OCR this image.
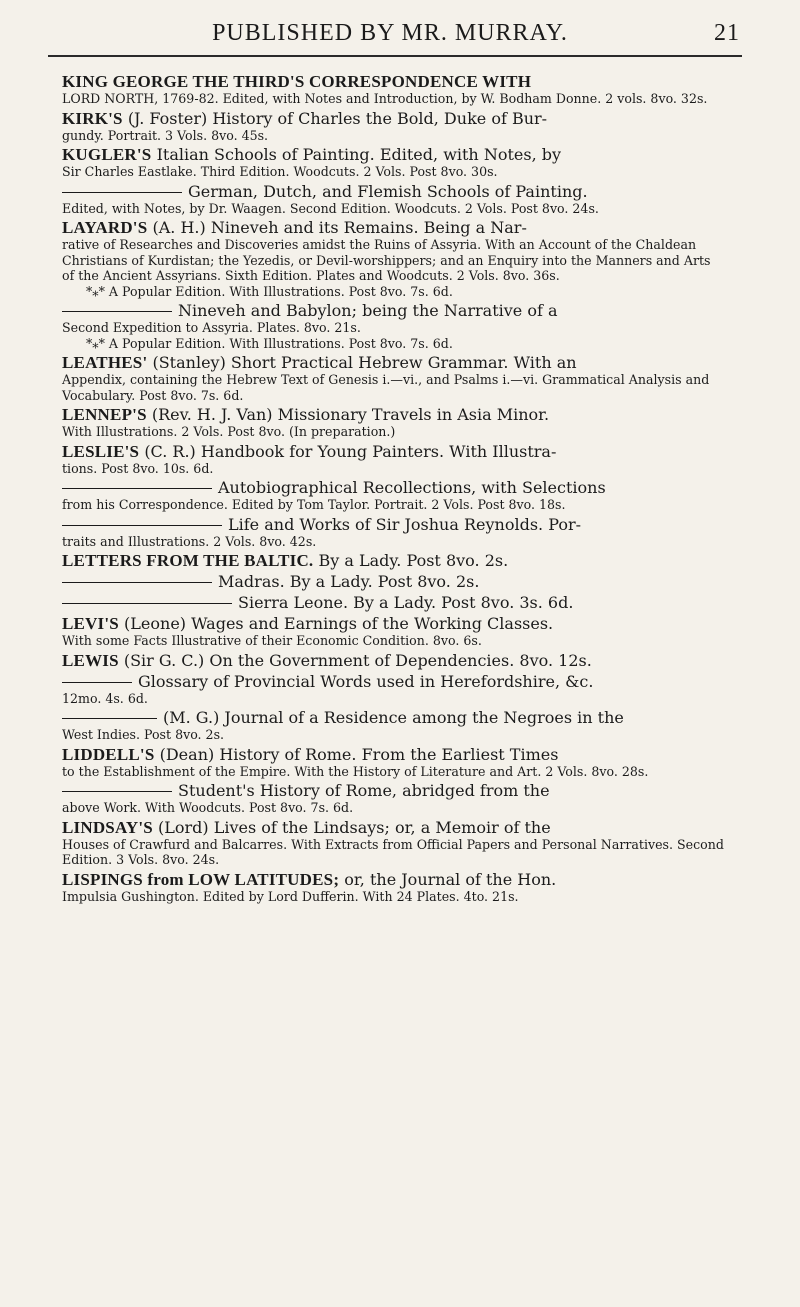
PUBLISHED BY MR. MURRAY.	21
KING GEORGE THE THIRD'S CORRESPONDENCE WITH
LORD NORTH, 1769-82. Edited, with Notes and Introduction, by W. Bodham Donne. 2 vols. 8vo. 32s.
KIRK'S (J. Foster) History of Charles the Bold, Duke of Bur-
gundy. Portrait. 3 Vols. 8vo. 45s.
KUGLER'S Italian Schools of Painting. Edited, with Notes, by
Sir Charles Eastlake. Third Edition. Woodcuts. 2 Vols. Post 8vo. 30s.
German, Dutch, and Flemish Schools of Painting.
Edited, with Notes, by Dr. Waagen. Second Edition. Woodcuts. 2 Vols. Post 8vo. 24s.
LAYARD'S (A. H.) Nineveh and its Remains. Being a Nar-
rative of Researches and Discoveries amidst the Ruins of Assyria. With an Account of the Chaldean Christians of Kurdistan; the Yezedis, or Devil-worshippers; and an Enquiry into the Manners and Arts of the Ancient Assyrians. Sixth Edition. Plates and Woodcuts. 2 Vols. 8vo. 36s.
*⁎* A Popular Edition. With Illustrations. Post 8vo. 7s. 6d.
Nineveh and Babylon; being the Narrative of a
Second Expedition to Assyria. Plates. 8vo. 21s.
*⁎* A Popular Edition. With Illustrations. Post 8vo. 7s. 6d.
LEATHES' (Stanley) Short Practical Hebrew Grammar. With an
Appendix, containing the Hebrew Text of Genesis i.—vi., and Psalms i.—vi. Grammatical Analysis and Vocabulary. Post 8vo. 7s. 6d.
LENNEP'S (Rev. H. J. Van) Missionary Travels in Asia Minor.
With Illustrations. 2 Vols. Post 8vo. (In preparation.)
LESLIE'S (C. R.) Handbook for Young Painters. With Illustra-
tions. Post 8vo. 10s. 6d.
Autobiographical Recollections, with Selections
from his Correspondence. Edited by Tom Taylor. Portrait. 2 Vols. Post 8vo. 18s.
Life and Works of Sir Joshua Reynolds. Por-
traits and Illustrations. 2 Vols. 8vo. 42s.
LETTERS FROM THE BALTIC. By a Lady. Post 8vo. 2s.
Madras. By a Lady. Post 8vo. 2s.
Sierra Leone. By a Lady. Post 8vo. 3s. 6d.
LEVI'S (Leone) Wages and Earnings of the Working Classes.
With some Facts Illustrative of their Economic Condition. 8vo. 6s.
LEWIS (Sir G. C.) On the Government of Dependencies. 8vo. 12s.
Glossary of Provincial Words used in Herefordshire, &c.
12mo. 4s. 6d.
(M. G.) Journal of a Residence among the Negroes in the
West Indies. Post 8vo. 2s.
LIDDELL'S (Dean) History of Rome. From the Earliest Times
to the Establishment of the Empire. With the History of Literature and Art. 2 Vols. 8vo. 28s.
Student's History of Rome, abridged from the
above Work. With Woodcuts. Post 8vo. 7s. 6d.
LINDSAY'S (Lord) Lives of the Lindsays; or, a Memoir of the
Houses of Crawfurd and Balcarres. With Extracts from Official Papers and Personal Narratives. Second Edition. 3 Vols. 8vo. 24s.
LISPINGS from LOW LATITUDES; or, the Journal of the Hon.
Impulsia Gushington. Edited by Lord Dufferin. With 24 Plates. 4to. 21s.
